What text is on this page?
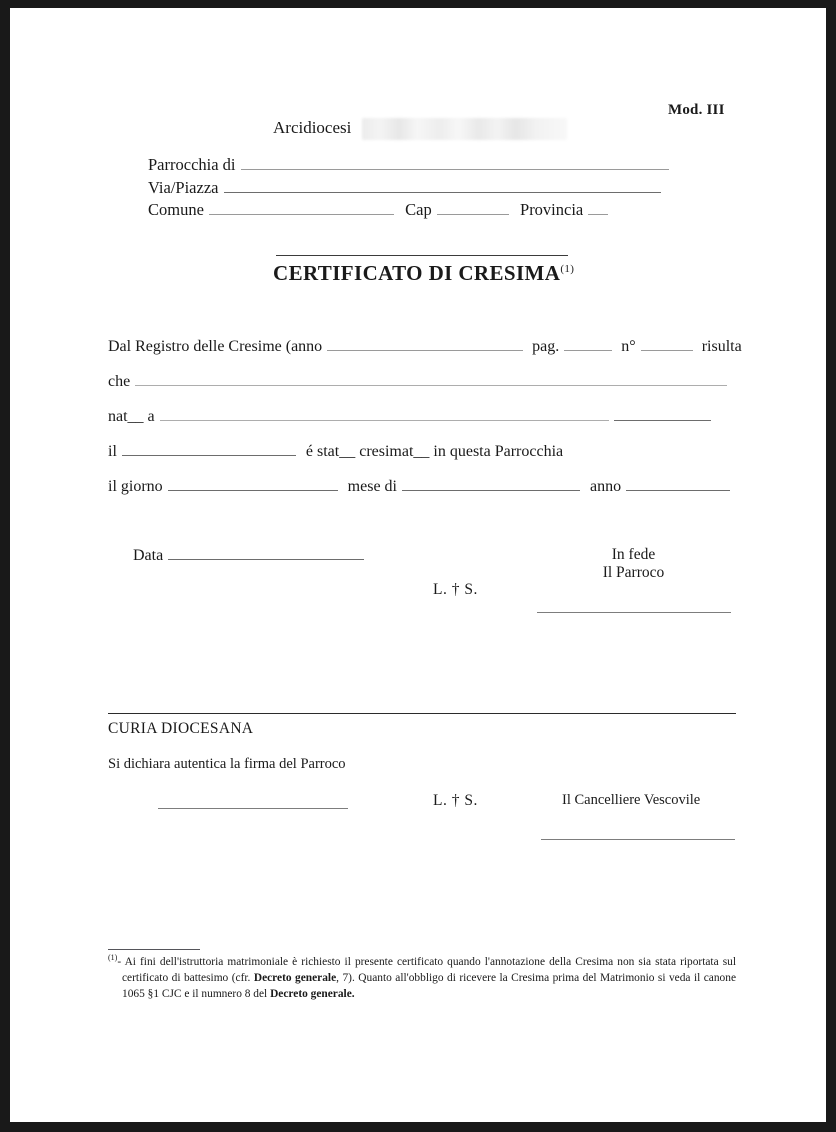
Mod. III
Arcidiocesi
Parrocchia di
Via/Piazza
Comune	Cap	Provincia
CERTIFICATO DI CRESIMA$^{(1)}$
Dal Registro delle Cresime (anno	pag.	n°	risulta
che
nat__ a
il	é stat__ cresimat__ in questa Parrocchia
il giorno	mese di	anno
Data
L. † S.
In fede
Il Parroco
CURIA DIOCESANA
Si dichiara autentica la firma del Parroco
L. † S.	Il Cancelliere Vescovile
$^{(1)}$- Ai fini dell'istruttoria matrimoniale è richiesto il presente certificato quando l'annotazione della Cresima non sia stata riportata sul certificato di battesimo (cfr. Decreto generale, 7). Quanto all'obbligo di ricevere la Cresima prima del Matrimonio si veda il canone 1065 §1 CJC e il numnero 8 del Decreto generale.
